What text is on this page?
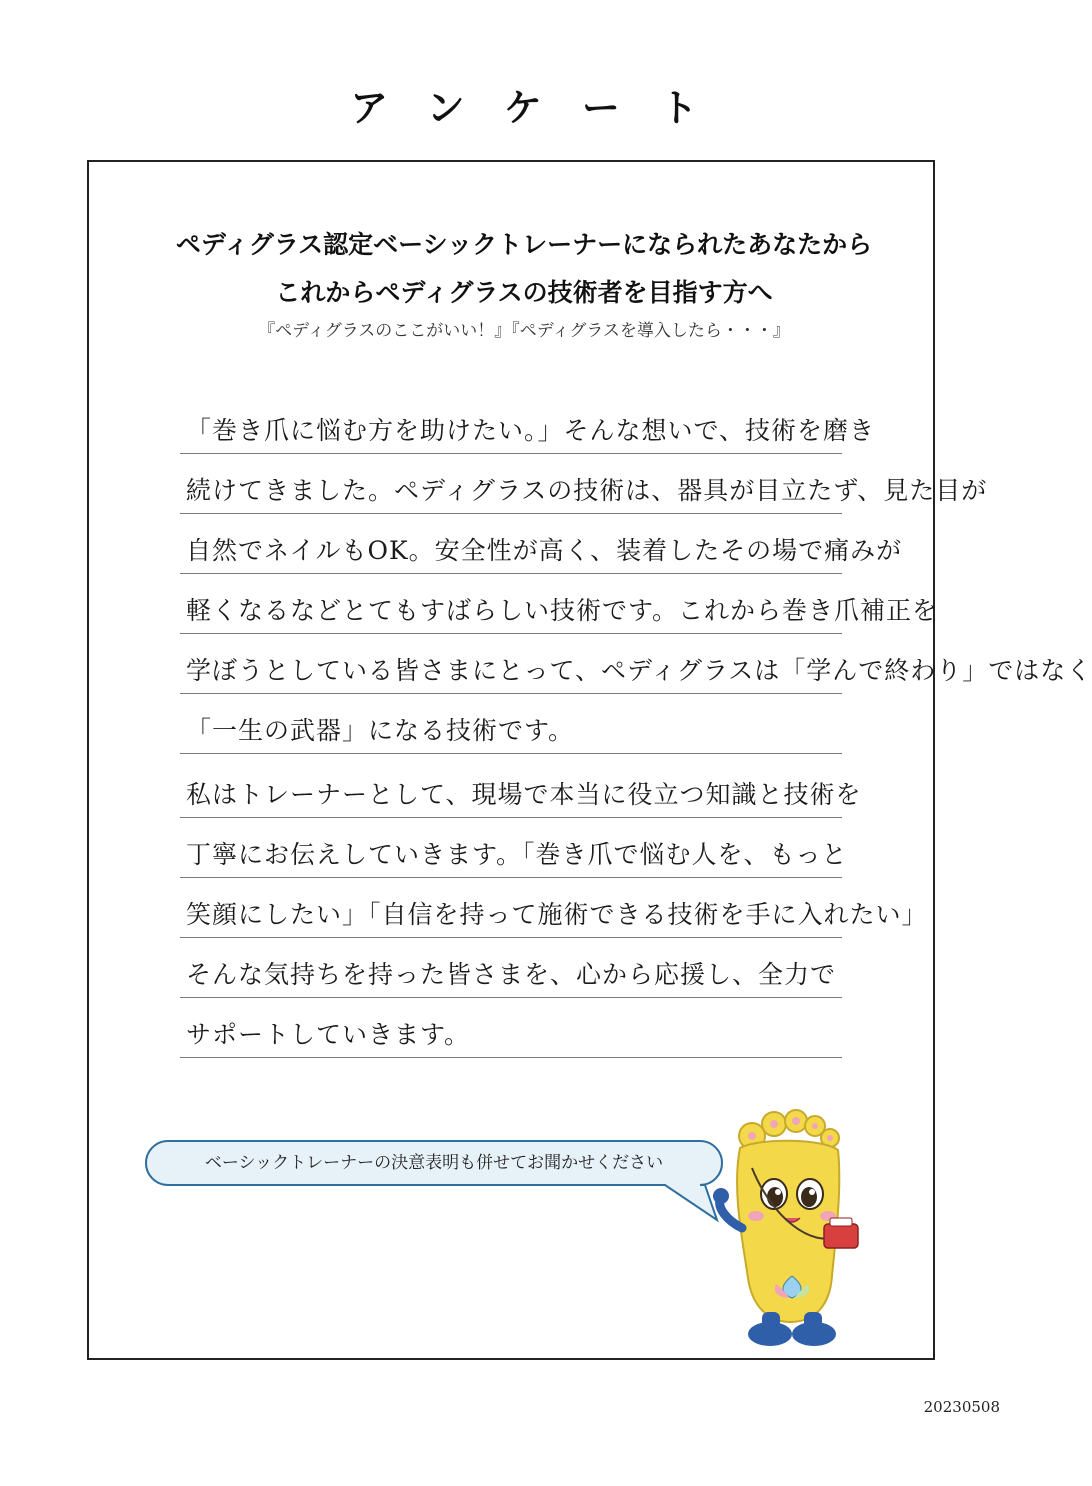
アンケート
ペディグラス認定ベーシックトレーナーになられたあなたから
これからペディグラスの技術者を目指す方へ
『ペディグラスのここがいい！』『ペディグラスを導入したら・・・』
「巻き爪に悩む方を助けたい。」そんな想いで、技術を磨き
続けてきました。ペディグラスの技術は、器具が目立たず、見た目が
自然でネイルもOK。安全性が高く、装着したその場で痛みが
軽くなるなどとてもすばらしい技術です。これから巻き爪補正を
学ぼうとしている皆さまにとって、ペディグラスは「学んで終わり」ではなく
「一生の武器」になる技術です。
私はトレーナーとして、現場で本当に役立つ知識と技術を
丁寧にお伝えしていきます。「巻き爪で悩む人を、もっと
笑顔にしたい」「自信を持って施術できる技術を手に入れたい」
そんな気持ちを持った皆さまを、心から応援し、全力で
サポートしていきます。
ベーシックトレーナーの決意表明も併せてお聞かせください
20230508
